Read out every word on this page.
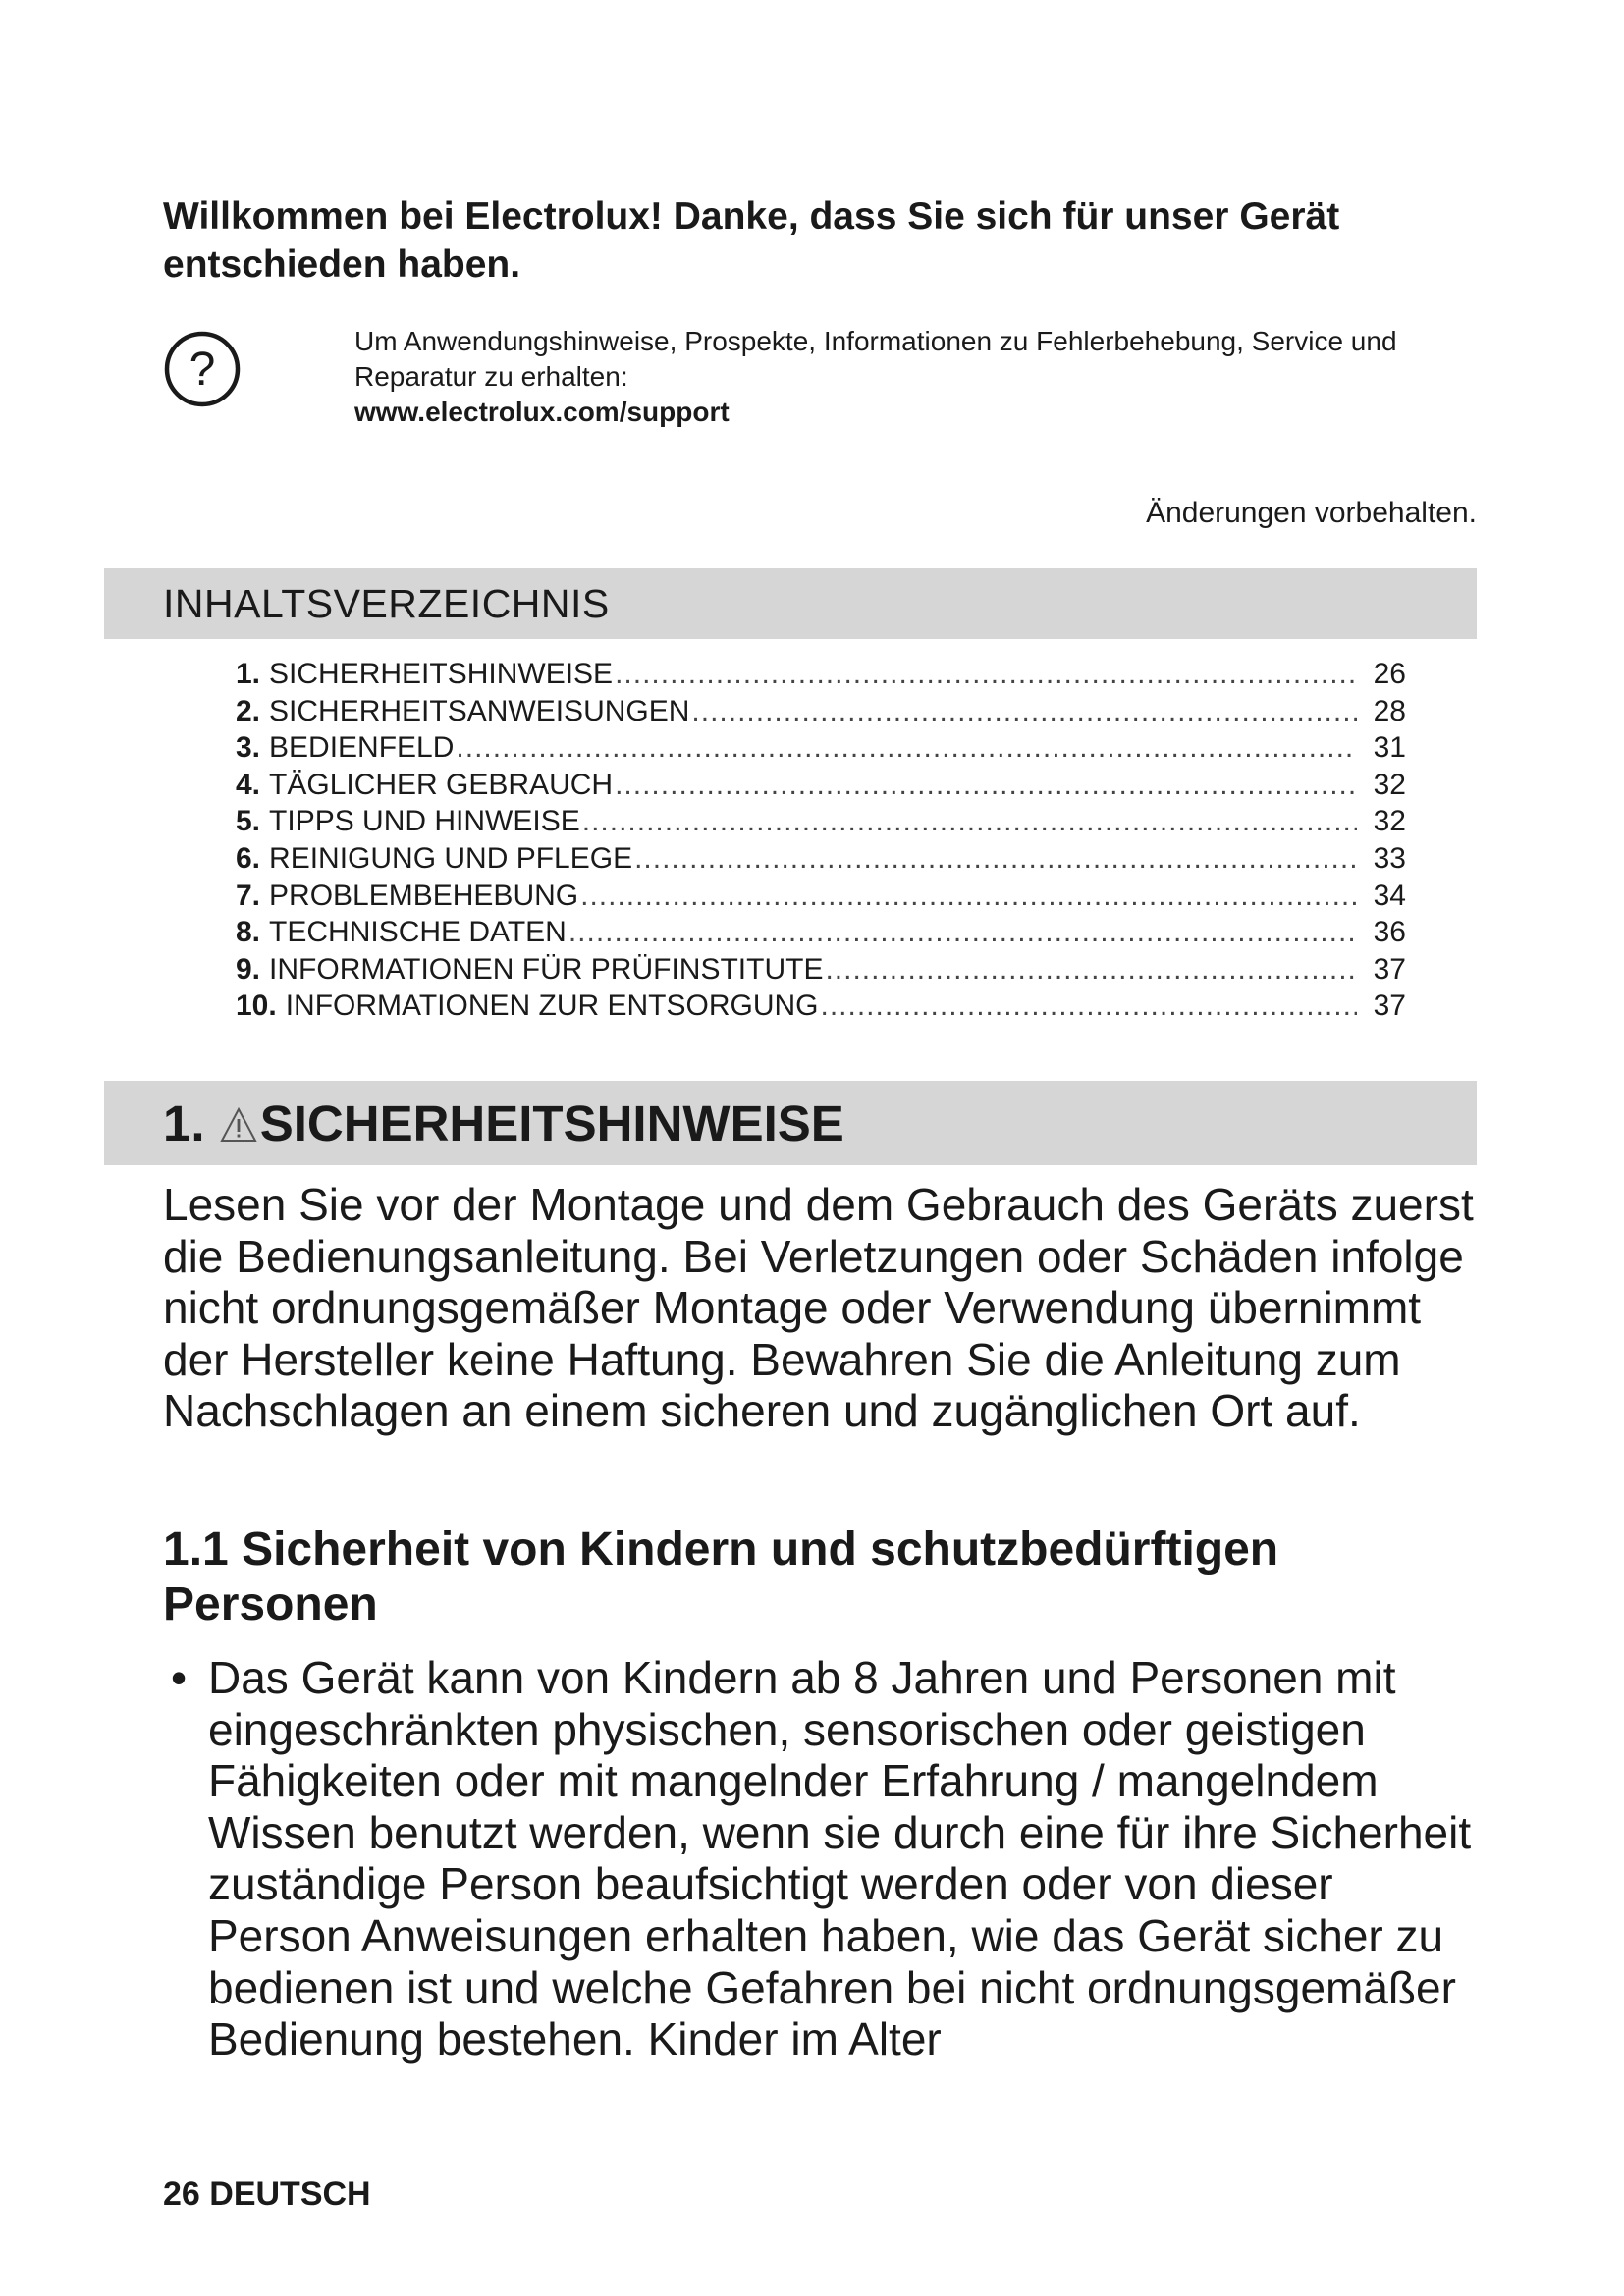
Willkommen bei Electrolux! Danke, dass Sie sich für unser Gerät entschieden haben.
?
Um Anwendungshinweise, Prospekte, Informationen zu Fehlerbehebung, Service und Reparatur zu erhalten:
www.electrolux.com/support
Änderungen vorbehalten.
INHALTSVERZEICHNIS
1. SICHERHEITSHINWEISE .....	26
2. SICHERHEITSANWEISUNGEN .....	28
3. BEDIENFELD .....	31
4. TÄGLICHER GEBRAUCH .....	32
5. TIPPS UND HINWEISE .....	32
6. REINIGUNG UND PFLEGE .....	33
7. PROBLEMBEHEBUNG .....	34
8. TECHNISCHE DATEN .....	36
9. INFORMATIONEN FÜR PRÜFINSTITUTE .....	37
10. INFORMATIONEN ZUR ENTSORGUNG .....	37
1. SICHERHEITSHINWEISE

Lesen Sie vor der Montage und dem Gebrauch des Geräts zuerst die Bedienungsanleitung. Bei Verletzungen oder Schäden infolge nicht ordnungsgemäßer Montage oder Verwendung übernimmt der Hersteller keine Haftung. Bewahren Sie die Anleitung zum Nachschlagen an einem sicheren und zugänglichen Ort auf.

1.1 Sicherheit von Kindern und schutzbedürftigen Personen
• Das Gerät kann von Kindern ab 8 Jahren und Personen mit eingeschränkten physischen, sensorischen oder geistigen Fähigkeiten oder mit mangelnder Erfahrung / mangelndem Wissen benutzt werden, wenn sie durch eine für ihre Sicherheit zuständige Person beaufsichtigt werden oder von dieser Person Anweisungen erhalten haben, wie das Gerät sicher zu bedienen ist und welche Gefahren bei nicht ordnungsgemäßer Bedienung bestehen. Kinder im Alter
26 DEUTSCH
